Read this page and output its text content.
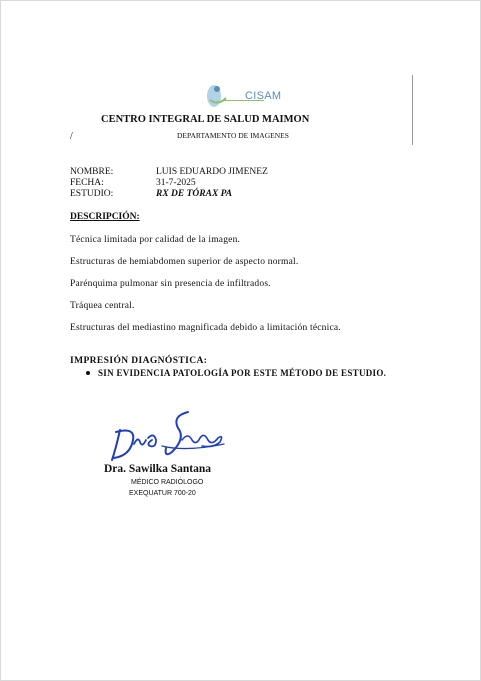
CISAM
CENTRO INTEGRAL DE SALUD MAIMON
/	DEPARTAMENTO DE IMAGENES
NOMBRE:	LUIS EDUARDO JIMENEZ
FECHA:	31-7-2025
ESTUDIO:	RX DE TÓRAX PA
DESCRIPCIÓN:
Técnica limitada por calidad de la imagen.
Estructuras de hemiabdomen superior de aspecto normal.
Parénquima pulmonar sin presencia de infiltrados.
Tráquea central.
Estructuras del mediastino magnificada debido a limitación técnica.
IMPRESIÓN DIAGNÓSTICA:
SIN EVIDENCIA PATOLOGÍA POR ESTE MÉTODO DE ESTUDIO.
Dra. Sawilka Santana
MÉDICO RADIÓLOGO
EXEQUATUR 700-20
